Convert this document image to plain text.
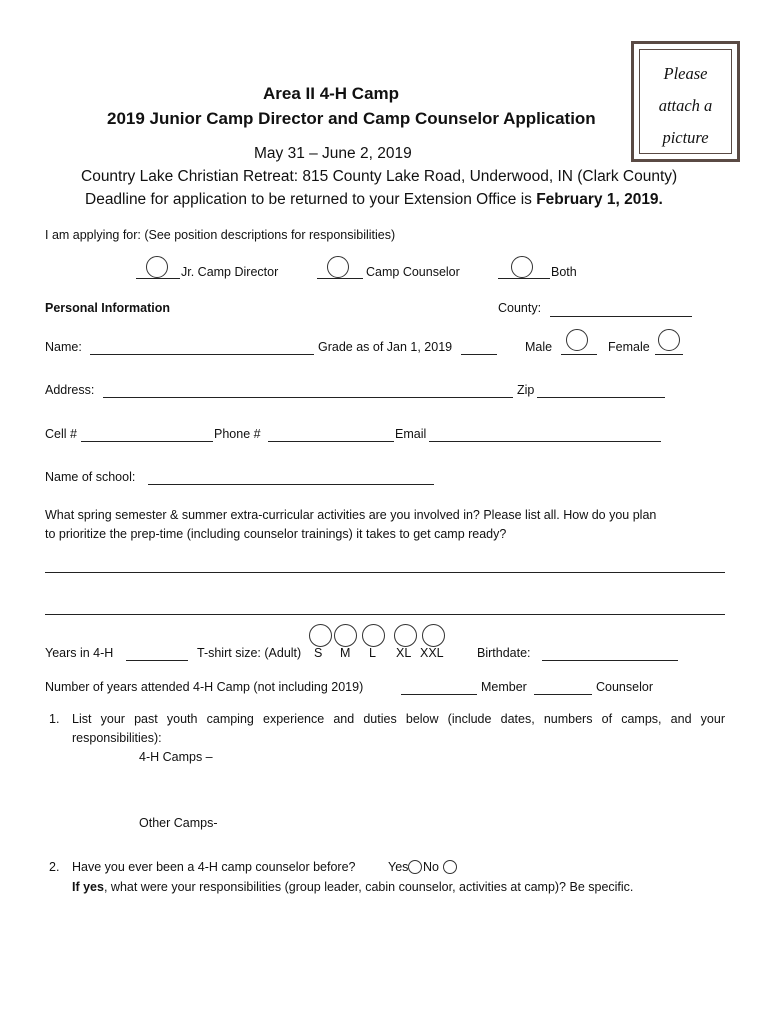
Please
attach a
picture
Area II 4-H Camp
2019 Junior Camp Director and Camp Counselor Application
May 31 – June 2, 2019
Country Lake Christian Retreat: 815 County Lake Road, Underwood, IN (Clark County)
Deadline for application to be returned to your Extension Office is February 1, 2019.
I am applying for: (See position descriptions for responsibilities)
Jr. Camp Director	Camp Counselor	Both
Personal Information	County:
Name:	Grade as of Jan 1, 2019	Male	Female
Address:	Zip
Cell #	Phone #	Email
Name of school:
What spring semester & summer extra-curricular activities are you involved in? Please list all. How do you plan
to prioritize the prep-time (including counselor trainings) it takes to get camp ready?
Years in 4-H	T-shirt size: (Adult) S M L XL XXL	Birthdate:
Number of years attended 4-H Camp (not including 2019)	Member	Counselor
1. List your past youth camping experience and duties below (include dates, numbers of camps, and your
responsibilities):
4-H Camps –
Other Camps-
2. Have you ever been a 4-H camp counselor before?	Yes No
If yes, what were your responsibilities (group leader, cabin counselor, activities at camp)? Be specific.
